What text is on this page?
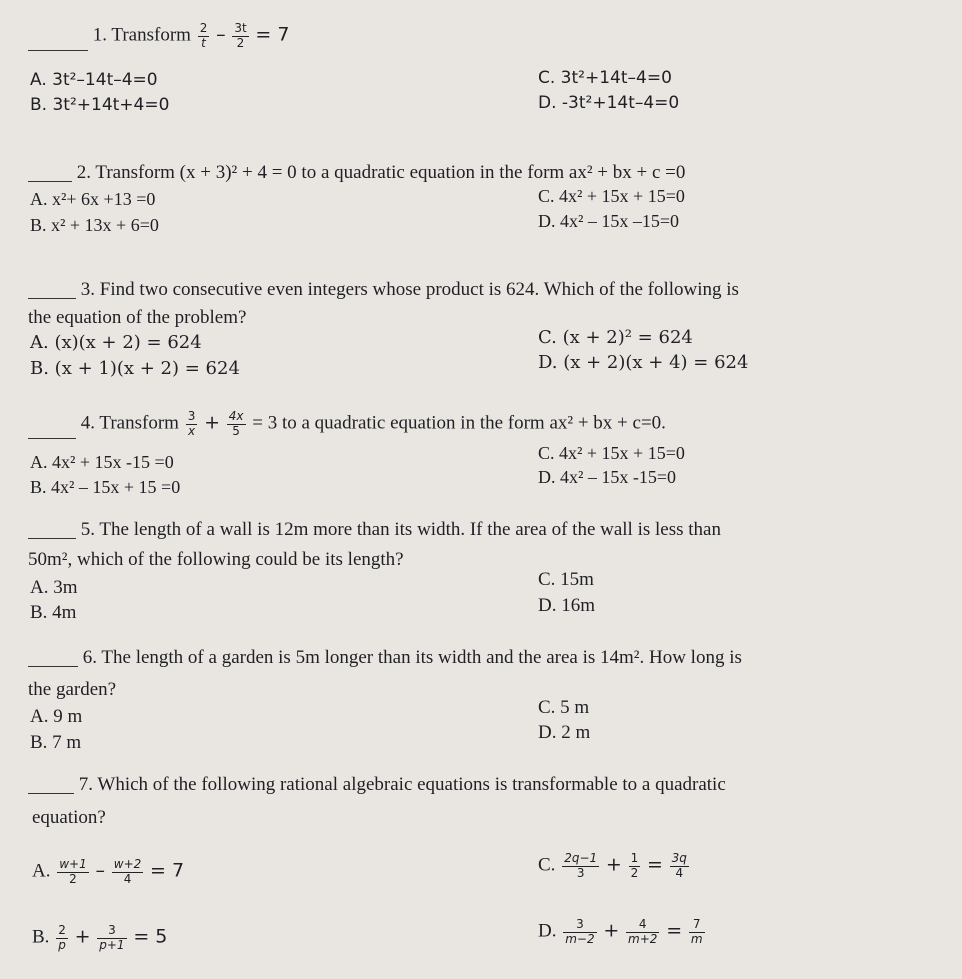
1. Transform $\frac{2}{t} - \frac{3t}{2} = 7$
A. 3t²–14t–4=0
B. 3t²+14t+4=0
C. 3t²+14t–4=0
D. -3t²+14t–4=0
2. Transform (x + 3)² + 4 = 0 to a quadratic equation in the form ax² + bx + c =0
A. x²+ 6x +13 =0
B. x² + 13x + 6=0
C. 4x² + 15x + 15=0
D. 4x² – 15x –15=0
3. Find two consecutive even integers whose product is 624. Which of the following is
the equation of the problem?
A. (x)(x + 2) = 624
B. (x + 1)(x + 2) = 624
C. (x + 2)² = 624
D. (x + 2)(x + 4) = 624
4. Transform $\frac{3}{x} + \frac{4x}{5} = 3$ to a quadratic equation in the form ax² + bx + c=0.
A. 4x² + 15x -15 =0
B. 4x² – 15x + 15 =0
C. 4x² + 15x + 15=0
D. 4x² – 15x -15=0
5. The length of a wall is 12m more than its width. If the area of the wall is less than
50m², which of the following could be its length?
A. 3m
B. 4m
C. 15m
D. 16m
6. The length of a garden is 5m longer than its width and the area is 14m². How long is
the garden?
A. 9 m
B. 7 m
C. 5 m
D. 2 m
7. Which of the following rational algebraic equations is transformable to a quadratic
equation?
A. $\frac{w+1}{2} - \frac{w+2}{4} = 7$
B. $\frac{2}{p} + \frac{3}{p+1} = 5$
C. $\frac{2q-1}{3} + \frac{1}{2} = \frac{3q}{4}$
D. $\frac{3}{m-2} + \frac{4}{m+2} = \frac{7}{m}$
